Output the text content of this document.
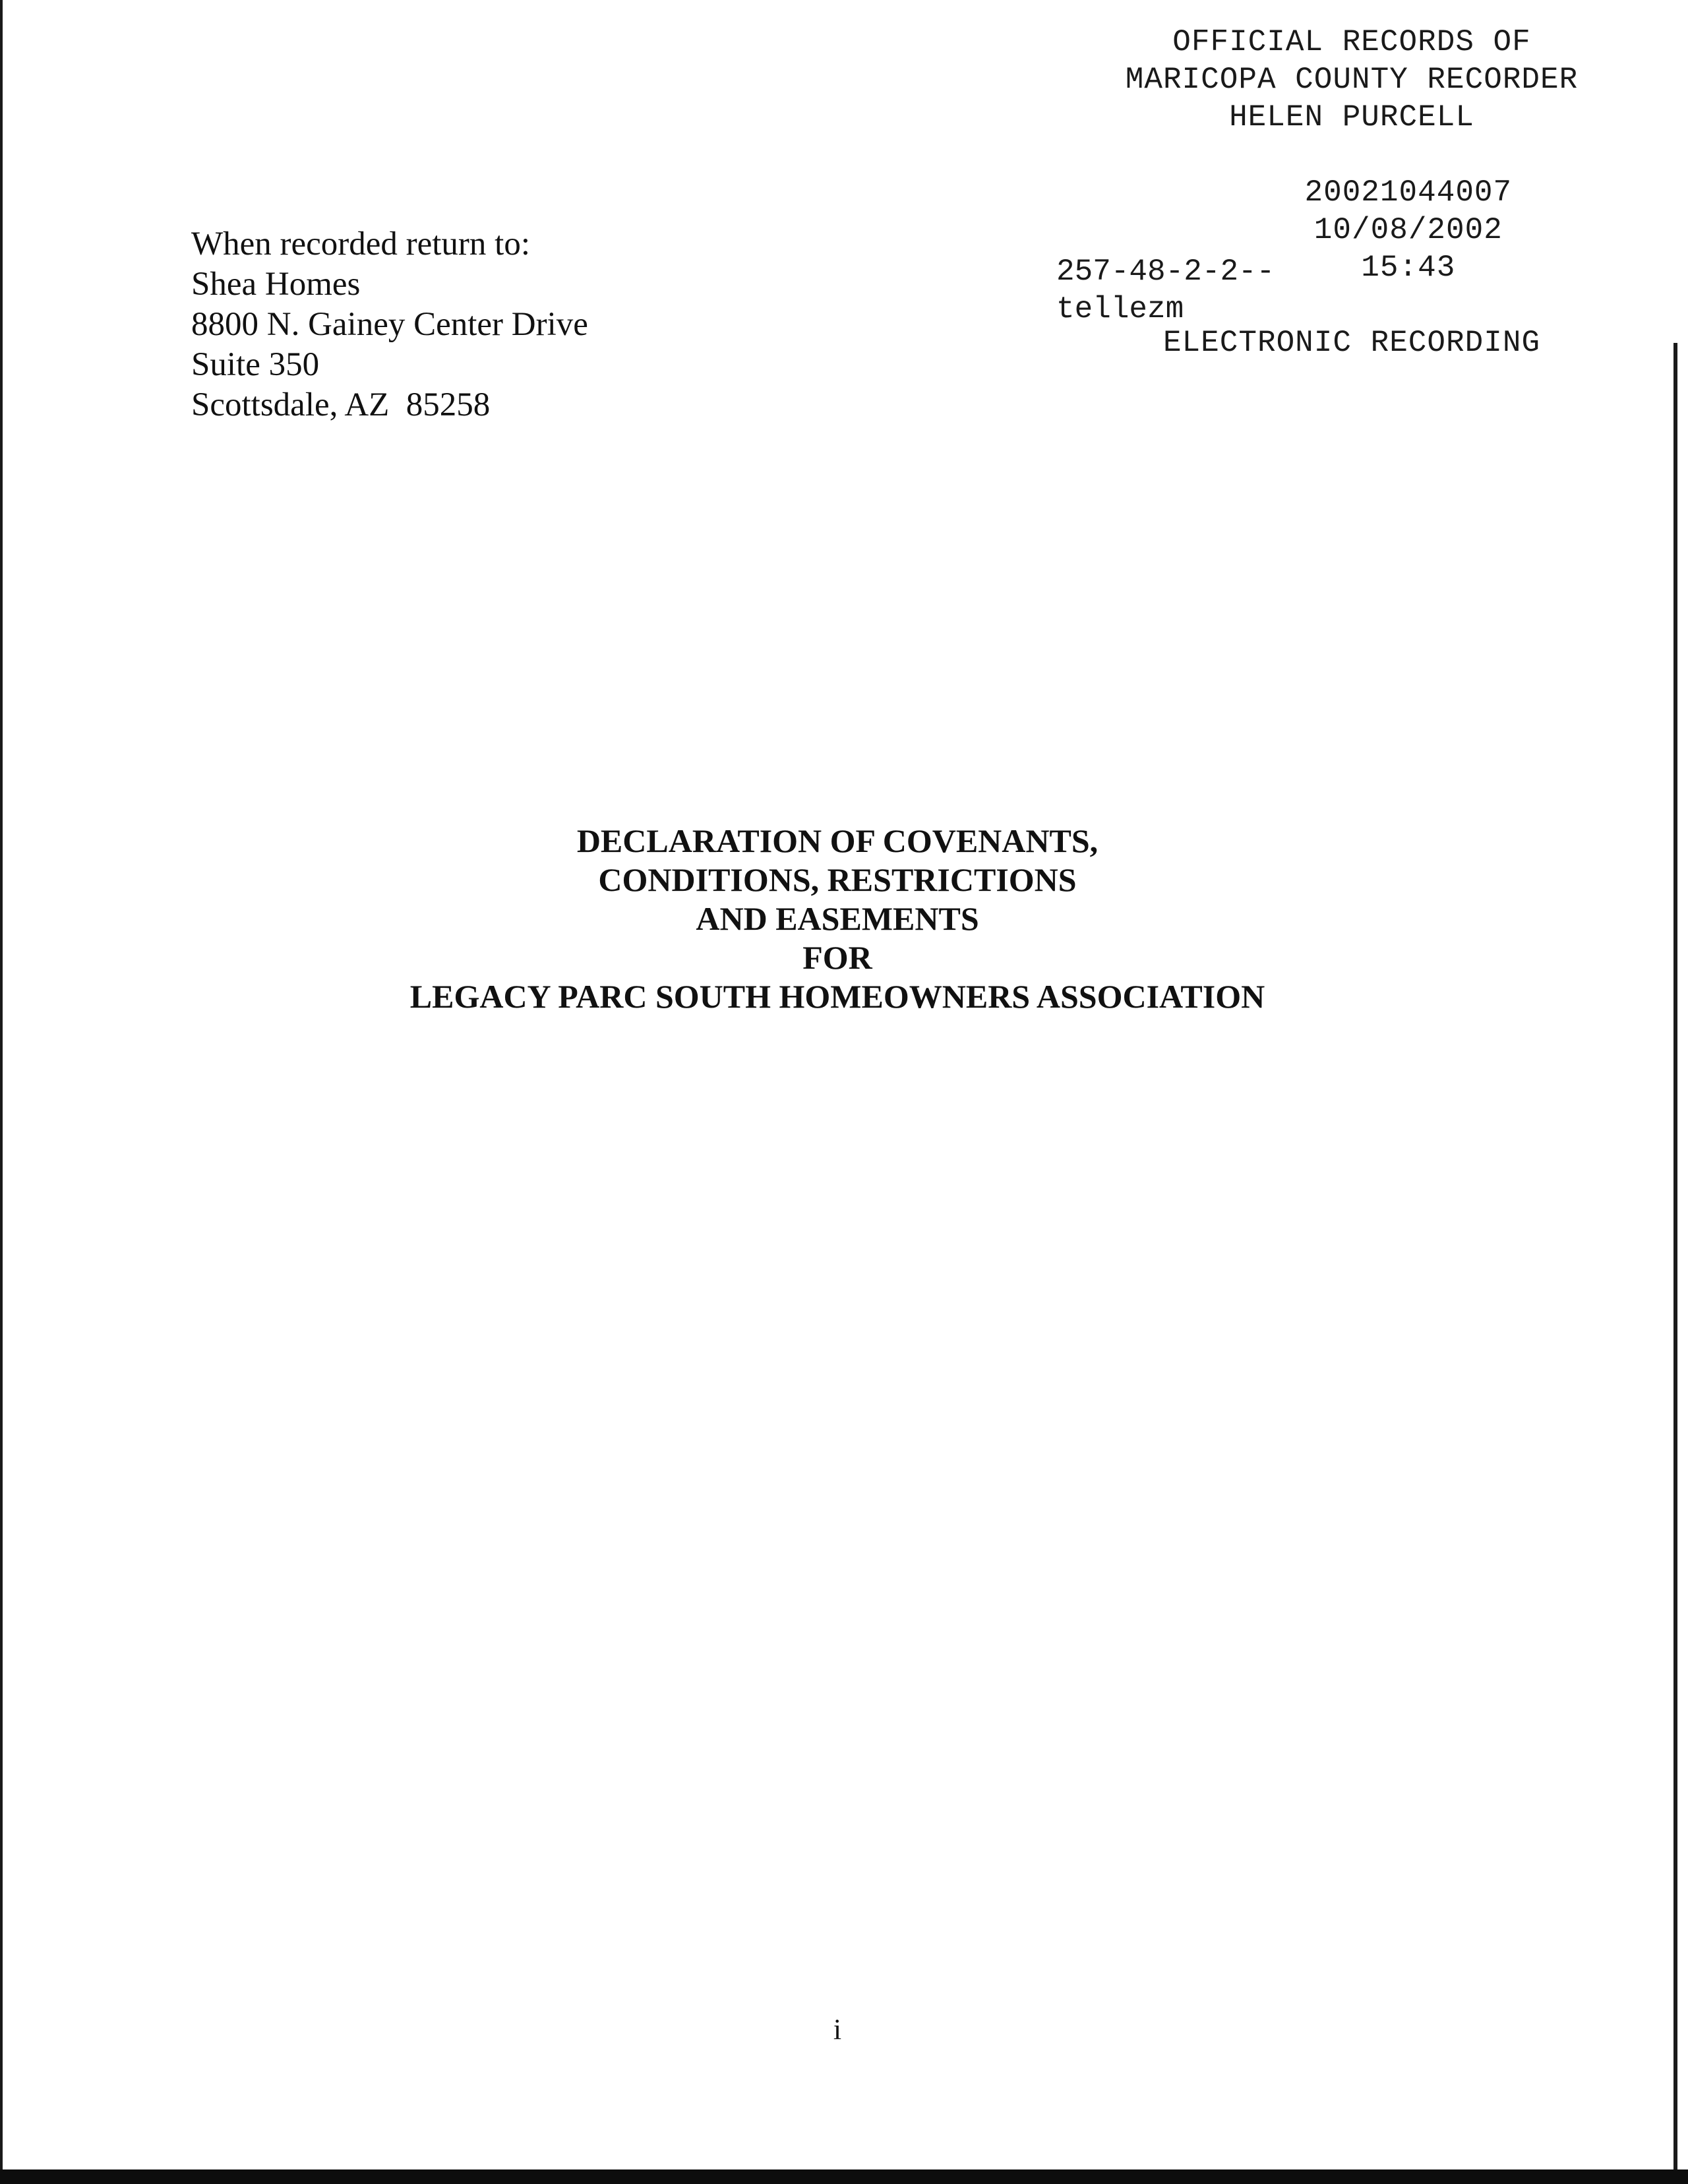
OFFICIAL RECORDS OF
MARICOPA COUNTY RECORDER
HELEN PURCELL

20021044007
10/08/2002
15:43

ELECTRONIC RECORDING
257-48-2-2--
tellezm
When recorded return to:
Shea Homes
8800 N. Gainey Center Drive
Suite 350
Scottsdale, AZ  85258
DECLARATION OF COVENANTS,
CONDITIONS, RESTRICTIONS
AND EASEMENTS
FOR
LEGACY PARC SOUTH HOMEOWNERS ASSOCIATION
i
